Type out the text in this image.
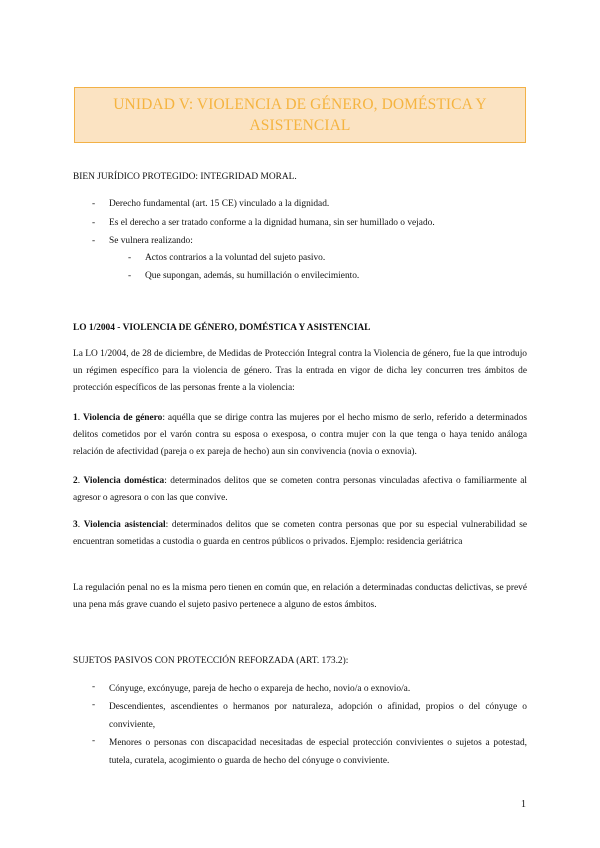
UNIDAD V: VIOLENCIA DE GÉNERO, DOMÉSTICA Y ASISTENCIAL
BIEN JURÍDICO PROTEGIDO: INTEGRIDAD MORAL.
- Derecho fundamental (art. 15 CE) vinculado a la dignidad.
- Es el derecho a ser tratado conforme a la dignidad humana, sin ser humillado o vejado.
- Se vulnera realizando:
- Actos contrarios a la voluntad del sujeto pasivo.
- Que supongan, además, su humillación o envilecimiento.
LO 1/2004 - VIOLENCIA DE GÉNERO, DOMÉSTICA Y ASISTENCIAL
La LO 1/2004, de 28 de diciembre, de Medidas de Protección Integral contra la Violencia de género, fue la que introdujo un régimen específico para la violencia de género. Tras la entrada en vigor de dicha ley concurren tres ámbitos de protección específicos de las personas frente a la violencia:
1. Violencia de género: aquélla que se dirige contra las mujeres por el hecho mismo de serlo, referido a determinados delitos cometidos por el varón contra su esposa o exesposa, o contra mujer con la que tenga o haya tenido análoga relación de afectividad (pareja o ex pareja de hecho) aun sin convivencia (novia o exnovia).
2. Violencia doméstica: determinados delitos que se cometen contra personas vinculadas afectiva o familiarmente al agresor o agresora o con las que convive.
3. Violencia asistencial: determinados delitos que se cometen contra personas que por su especial vulnerabilidad se encuentran sometidas a custodia o guarda en centros públicos o privados. Ejemplo: residencia geriátrica
La regulación penal no es la misma pero tienen en común que, en relación a determinadas conductas delictivas, se prevé una pena más grave cuando el sujeto pasivo pertenece a alguno de estos ámbitos.
SUJETOS PASIVOS CON PROTECCIÓN REFORZADA (ART. 173.2):
- Cónyuge, excónyuge, pareja de hecho o expareja de hecho, novio/a o exnovio/a.
- Descendientes, ascendientes o hermanos por naturaleza, adopción o afinidad, propios o del cónyuge o conviviente,
- Menores o personas con discapacidad necesitadas de especial protección convivientes o sujetos a potestad, tutela, curatela, acogimiento o guarda de hecho del cónyuge o conviviente.
1
